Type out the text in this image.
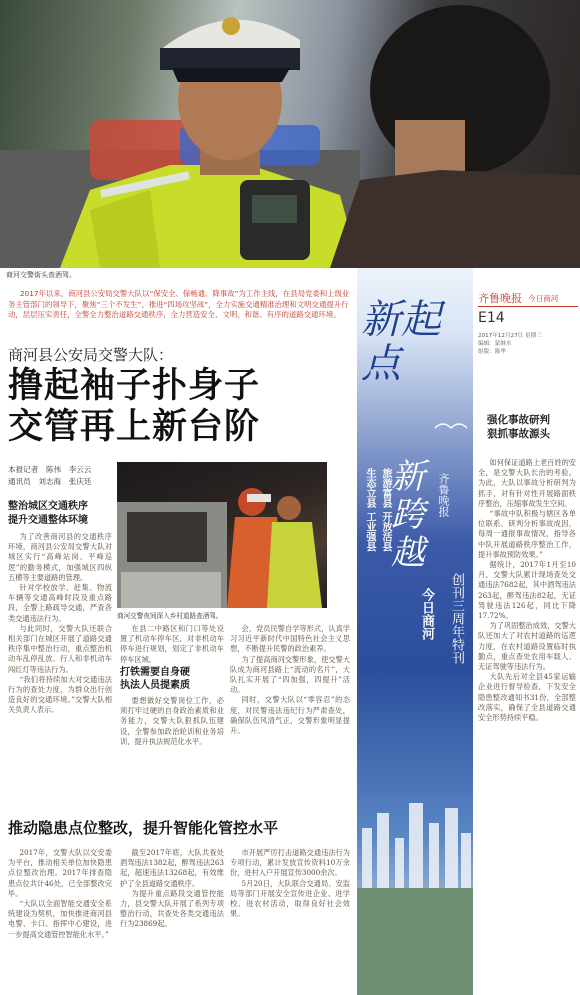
商河交警街头查酒驾。
2017年以来，商河县公安局交警大队以“保安全、保畅通、降事故”为工作主线，在县局党委和上级业务主管部门的领导下，聚焦“三个不发生”、推进“四场攻坚战”，全力实施交通精准治理和文明交通提升行动，层层压实责任，全警全力整治道路交通秩序，全力营造安全、文明、和谐、有序的道路交通环境。
商河县公安局交警大队：
撸起袖子扑身子
交管再上新台阶
本报记者　陈伟　李云云
通讯员　刘志海　张庆廷
整治城区交通秩序
提升交通整体环境

为了改善商河县的交通秩序环境，商河县公安局交警大队对城区实行“高峰站岗、平峰巡逻”的勤务模式，加强城区四纵五横等主要道路的管理。

针对学校放学、赶集、物流车辆等交通高峰时段及重点路段，全警上路疏导交通，严查各类交通违法行为。

与此同时，交警大队还联合相关部门在城区开展了道路交通秩序集中整治行动，重点整治机动车乱停乱放、行人和非机动车闯红灯等违法行为。

“我们将持续加大对交通违法行为的查处力度，为群众出行创造良好的交通环境。”交警大队相关负责人表示。

商河交警夜间深入乡村道路查酒驾。

在县二中路区和门口等处设置了机动车停车区，对非机动车停车进行规划，划定了非机动车停车区域。

打铁需要自身硬
执法人员提素质

要想做好交警岗位工作，必须打牢过硬的自身政治素质和业务能力，交警大队狠抓队伍建设，全警参加政治轮训和业务培训，提升执法规范化水平。

会、党员民警自学等形式，认真学习习近平新时代中国特色社会主义思想，不断提升民警的政治素养。

为了提高商河交警形象，使交警大队成为商河县路上“流动的名片”，大队扎实开展了“四加强，四提升”活动。

同时，交警大队以“零容忍”的态度，对民警违法违纪行为严肃查处，确保队伍风清气正，交警形象明显提升。

推动隐患点位整改，提升智能化管控水平

2017年，交警大队以交安委为平台，推动相关单位加快隐患点位整改治理。2017年排查隐患点位共计46处，已全部整改完毕。

“大队以全面智能交通安全系统建设为契机，加快推进商河县电警、卡口、指挥中心建设，进一步提高交通管控智能化水平。”

截至2017年底，大队共查处酒驾违法1382起，醉驾违法263起，超速违法13268起，有效维护了全县道路交通秩序。

为提升重点路段交通管控能力，县交警大队开展了系列专项整治行动，共查处各类交通违法行为23869起。

市开展严厉打击道路交通违法行为专项行动，累计发放宣传资料10万余份，进村入户开展宣传3000余次。

5月20日，大队联合交通局、安监局等部门开展安全宣传进企业、进学校、进农村活动，取得良好社会效果。

新起点
新跨越
生态立县 工业强县 旅游富县 开放活县	齐鲁晚报
今日商河 创刊三周年特刊
齐鲁晚报 今日商河
E14
2017年12月27日 星期三
编辑：蒙继水
组版：陈华
强化事故研判
狠抓事故源头

如何保证道路上老百姓的安全，是交警大队长治的考验。为此，大队以事故分析研判为抓手，对有针对性开展路面秩序整治，压缩事故发生空间。

“事故中队积极与辖区各单位联系、研判分析事故成因，每周一通报事故情况，指导各中队开展道路秩序整治工作，提升事故预防效果。”

据统计，2017年1月至10月，交警大队累计现场查处交通违法7682起，其中酒驾违法263起，醉驾违法82起，无证驾驶违法126起，同比下降17.72%。

为了巩固整治成效，交警大队还加大了对农村道路的巡逻力度，在农村道路设置临时执勤点，重点查处农用车载人、无证驾驶等违法行为。

大队先后对全县45家运输企业进行督导检查，下发安全隐患整改通知书31份，全部整改落实，确保了全县道路交通安全形势持续平稳。
